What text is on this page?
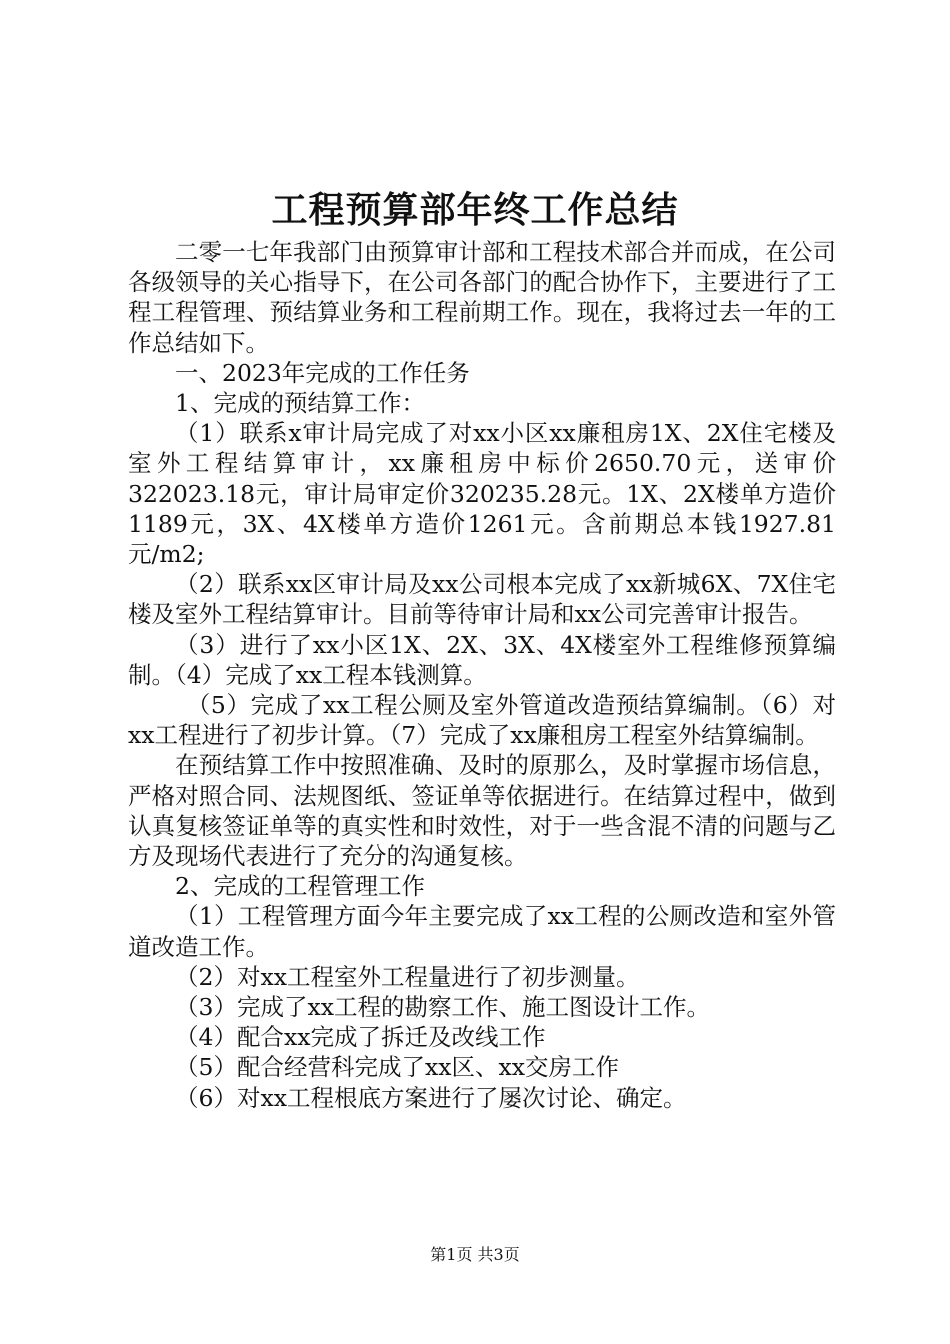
工程预算部年终工作总结

二零一七年我部门由预算审计部和工程技术部合并而成，在公司各级领导的关心指导下，在公司各部门的配合协作下，主要进行了工程工程管理、预结算业务和工程前期工作。现在，我将过去一年的工作总结如下。

一、2023年完成的工作任务

1、完成的预结算工作：

（1）联系x审计局完成了对xx小区xx廉租房1X、2X住宅楼及室外工程结算审计，xx廉租房中标价2650.70元，送审价322023.18元，审计局审定价320235.28元。1X、2X楼单方造价1189元，3X、4X楼单方造价1261元。含前期总本钱1927.81元/m2;

（2）联系xx区审计局及xx公司根本完成了xx新城6X、7X住宅楼及室外工程结算审计。目前等待审计局和xx公司完善审计报告。

（3）进行了xx小区1X、2X、3X、4X楼室外工程维修预算编制。（4）完成了xx工程本钱测算。

（5）完成了xx工程公厕及室外管道改造预结算编制。（6）对xx工程进行了初步计算。（7）完成了xx廉租房工程室外结算编制。

在预结算工作中按照准确、及时的原那么，及时掌握市场信息，严格对照合同、法规图纸、签证单等依据进行。在结算过程中，做到认真复核签证单等的真实性和时效性，对于一些含混不清的问题与乙方及现场代表进行了充分的沟通复核。

2、完成的工程管理工作

（1）工程管理方面今年主要完成了xx工程的公厕改造和室外管道改造工作。

（2）对xx工程室外工程量进行了初步测量。

（3）完成了xx工程的勘察工作、施工图设计工作。

（4）配合xx完成了拆迁及改线工作

（5）配合经营科完成了xx区、xx交房工作

（6）对xx工程根底方案进行了屡次讨论、确定。

第1页 共3页
